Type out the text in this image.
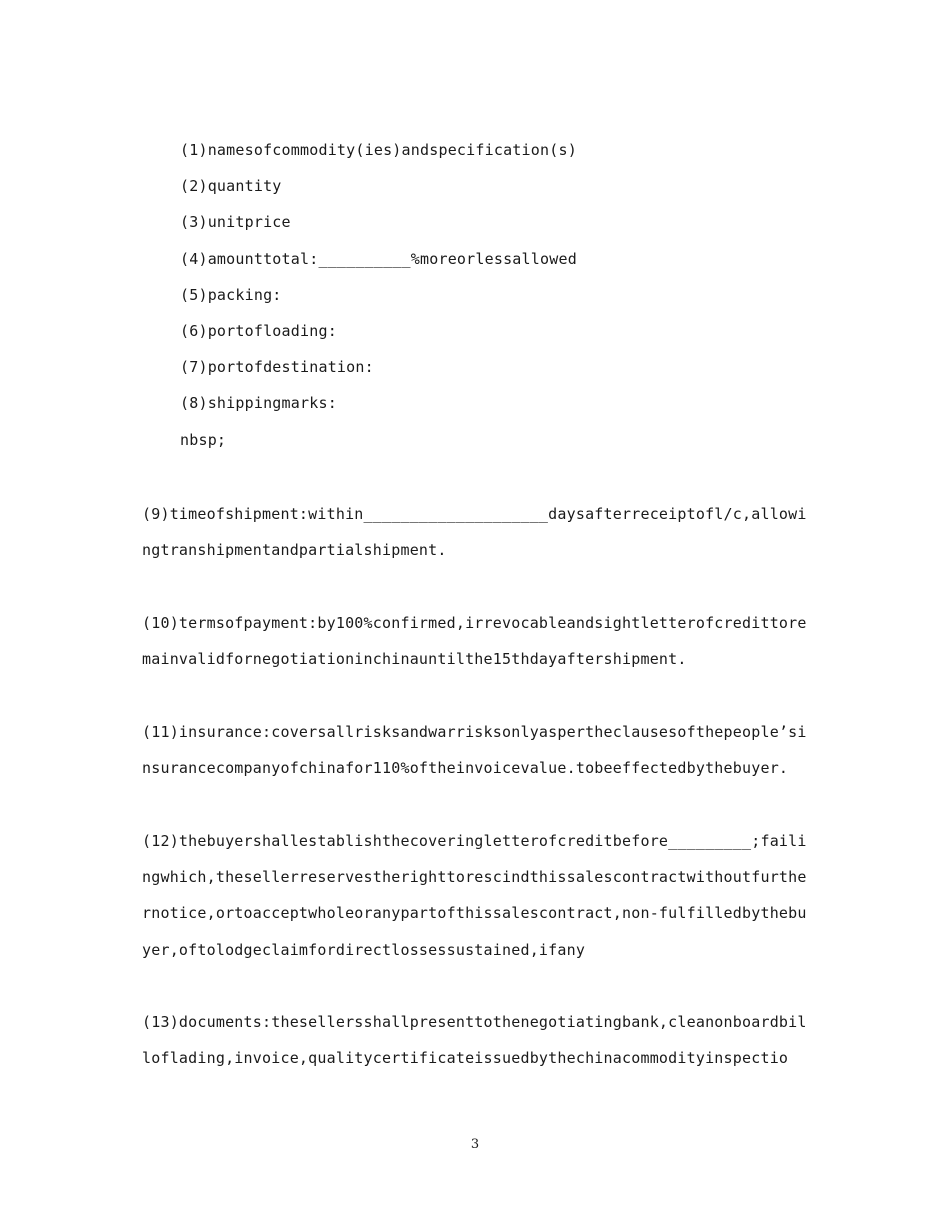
(1)namesofcommodity(ies)andspecification(s)
(2)quantity
(3)unitprice
(4)amounttotal:__________%moreorlessallowed
(5)packing:
(6)portofloading:
(7)portofdestination:
(8)shippingmarks:
nbsp;

(9)timeofshipment:within____________________daysafterreceiptofl/c,allowingtranshipmentandpartialshipment.

(10)termsofpayment:by100%confirmed,irrevocableandsightletterofcredittoremainvalidfornegotiationinchinauntilthe15thdayaftershipment.

(11)insurance:coversallrisksandwarrisksonlyaspertheclausesofthepeople’sinsurancecompanyofchinafor110%oftheinvoicevalue.tobeeffectedbythebuyer.

(12)thebuyershallestablishthecoveringletterofcreditbefore_________;failingwhich,thesellerreservestherighttorescindthissalescontractwithoutfurthernotice,ortoacceptwholeoranypartofthissalescontract,non-fulfilledbythebuyer,oftolodgeclaimfordirectlossessustained,ifany

(13)documents:thesellersshallpresenttothenegotiatingbank,cleanonboardbilloflading,invoice,qualitycertificateissuedbythechinacommodityinspectio

3
